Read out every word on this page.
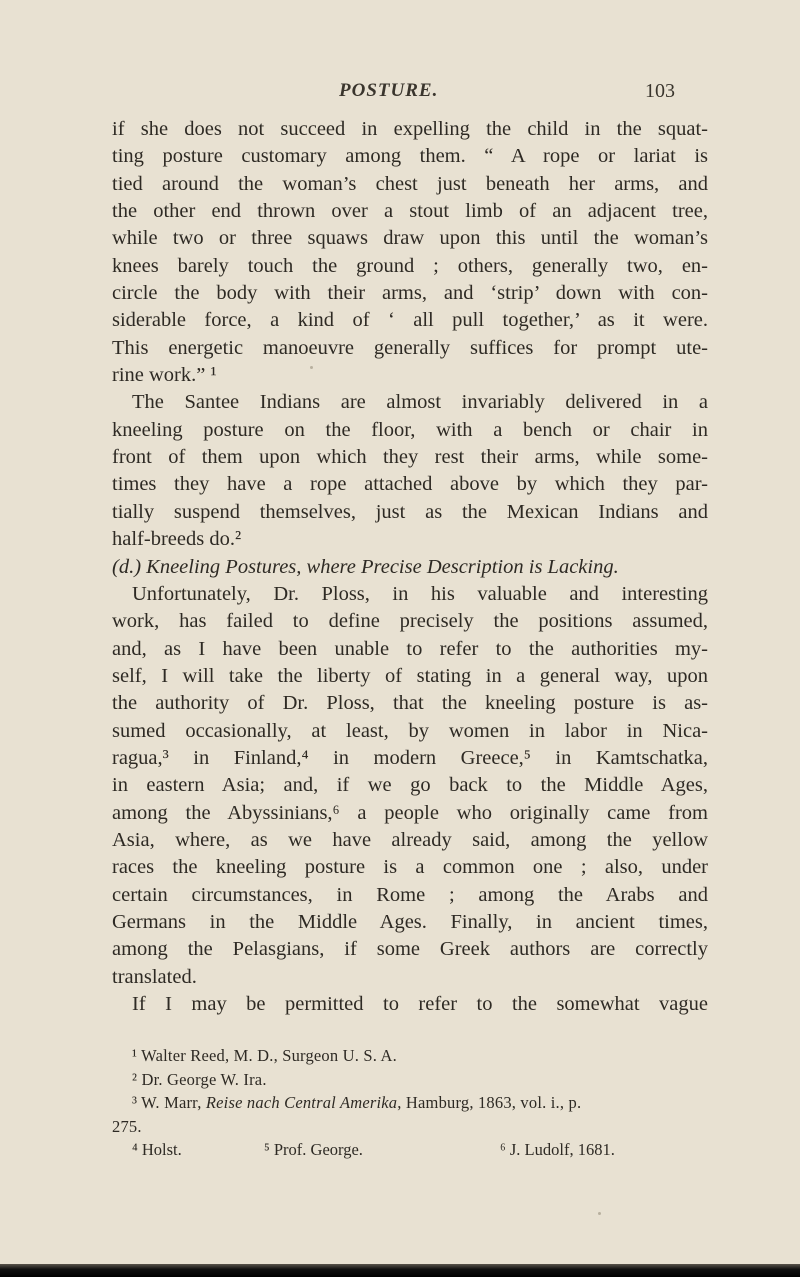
POSTURE.	103
if she does not succeed in expelling the child in the squat-
ting posture customary among them. “ A rope or lariat is
tied around the woman’s chest just beneath her arms, and
the other end thrown over a stout limb of an adjacent tree,
while two or three squaws draw upon this until the woman’s
knees barely touch the ground ; others, generally two, en-
circle the body with their arms, and ‘strip’ down with con-
siderable force, a kind of ‘ all pull together,’ as it were.
This energetic manoeuvre generally suffices for prompt ute-
rine work.” ¹
The Santee Indians are almost invariably delivered in a
kneeling posture on the floor, with a bench or chair in
front of them upon which they rest their arms, while some-
times they have a rope attached above by which they par-
tially suspend themselves, just as the Mexican Indians and
half-breeds do.²
(d.) Kneeling Postures, where Precise Description is Lacking.
Unfortunately, Dr. Ploss, in his valuable and interesting
work, has failed to define precisely the positions assumed,
and, as I have been unable to refer to the authorities my-
self, I will take the liberty of stating in a general way, upon
the authority of Dr. Ploss, that the kneeling posture is as-
sumed occasionally, at least, by women in labor in Nica-
ragua,³ in Finland,⁴ in modern Greece,⁵ in Kamtschatka,
in eastern Asia; and, if we go back to the Middle Ages,
among the Abyssinians,⁶ a people who originally came from
Asia, where, as we have already said, among the yellow
races the kneeling posture is a common one ; also, under
certain circumstances, in Rome ; among the Arabs and
Germans in the Middle Ages. Finally, in ancient times,
among the Pelasgians, if some Greek authors are correctly
translated.
If I may be permitted to refer to the somewhat vague
¹ Walter Reed, M. D., Surgeon U. S. A.
² Dr. George W. Ira.
³ W. Marr, Reise nach Central Amerika, Hamburg, 1863, vol. i., p.
275.
⁴ Holst.	⁵ Prof. George.	⁶ J. Ludolf, 1681.
